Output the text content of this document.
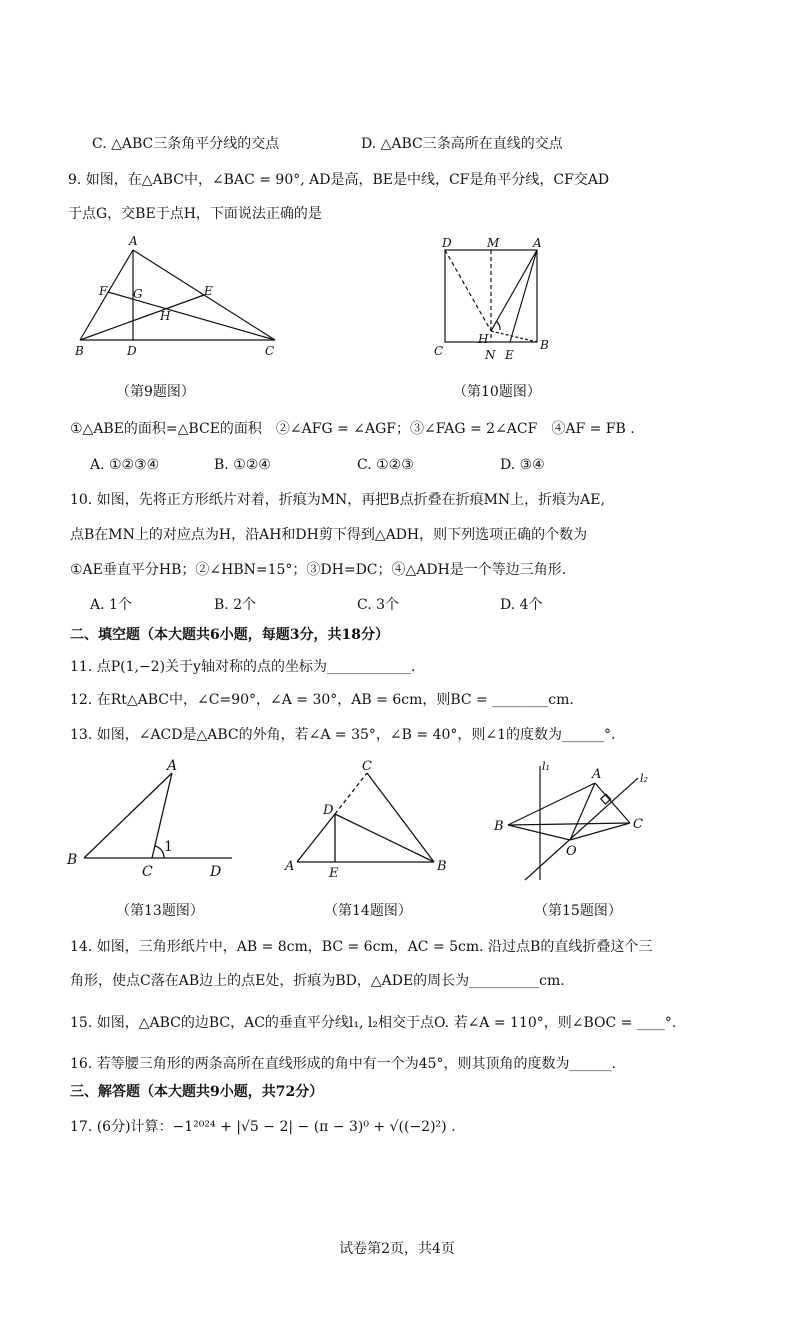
C. △ABC三条角平分线的交点	D. △ABC三条高所在直线的交点
9. 如图，在△ABC中，∠BAC = 90°, AD是高，BE是中线，CF是角平分线，CF交AD
于点G，交BE于点H，下面说法正确的是
A
F G	E
H
B	D	C
D	M	A
H
C	N E
B
（第9题图）	（第10题图）
①△ABE的面积=△BCE的面积　②∠AFG = ∠AGF；③∠FAG = 2∠ACF　④AF = FB .
A. ①②③④	B. ①②④	C. ①②③	D. ③④
10. 如图，先将正方形纸片对着，折痕为MN，再把B点折叠在折痕MN上，折痕为AE,
点B在MN上的对应点为H，沿AH和DH剪下得到△ADH，则下列选项正确的个数为
①AE垂直平分HB；②∠HBN=15°；③DH=DC；④△ADH是一个等边三角形.
A. 1个	B. 2个	C. 3个	D. 4个
二、填空题（本大题共6小题，每题3分，共18分）
11. 点P(1,−2)关于y轴对称的点的坐标为____________.
12. 在Rt△ABC中，∠C=90°，∠A = 30°，AB = 6cm，则BC = ________cm.
13. 如图，∠ACD是△ABC的外角，若∠A = 35°，∠B = 40°，则∠1的度数为______°.
A
1
B
C	D
C
D
A	E	B
l₁
l₂
A
B	C
O
（第13题图）	（第14题图）	（第15题图）
14. 如图，三角形纸片中，AB = 8cm，BC = 6cm，AC = 5cm. 沿过点B的直线折叠这个三
角形，使点C落在AB边上的点E处，折痕为BD，△ADE的周长为__________cm.
15. 如图，△ABC的边BC，AC的垂直平分线l₁, l₂相交于点O. 若∠A = 110°，则∠BOC = ____°.
16. 若等腰三角形的两条高所在直线形成的角中有一个为45°，则其顶角的度数为______.
三、解答题（本大题共9小题，共72分）
17. (6分)计算：−1²⁰²⁴ + |√5 − 2| − (π − 3)⁰ + √((−2)²) .
试卷第2页，共4页
